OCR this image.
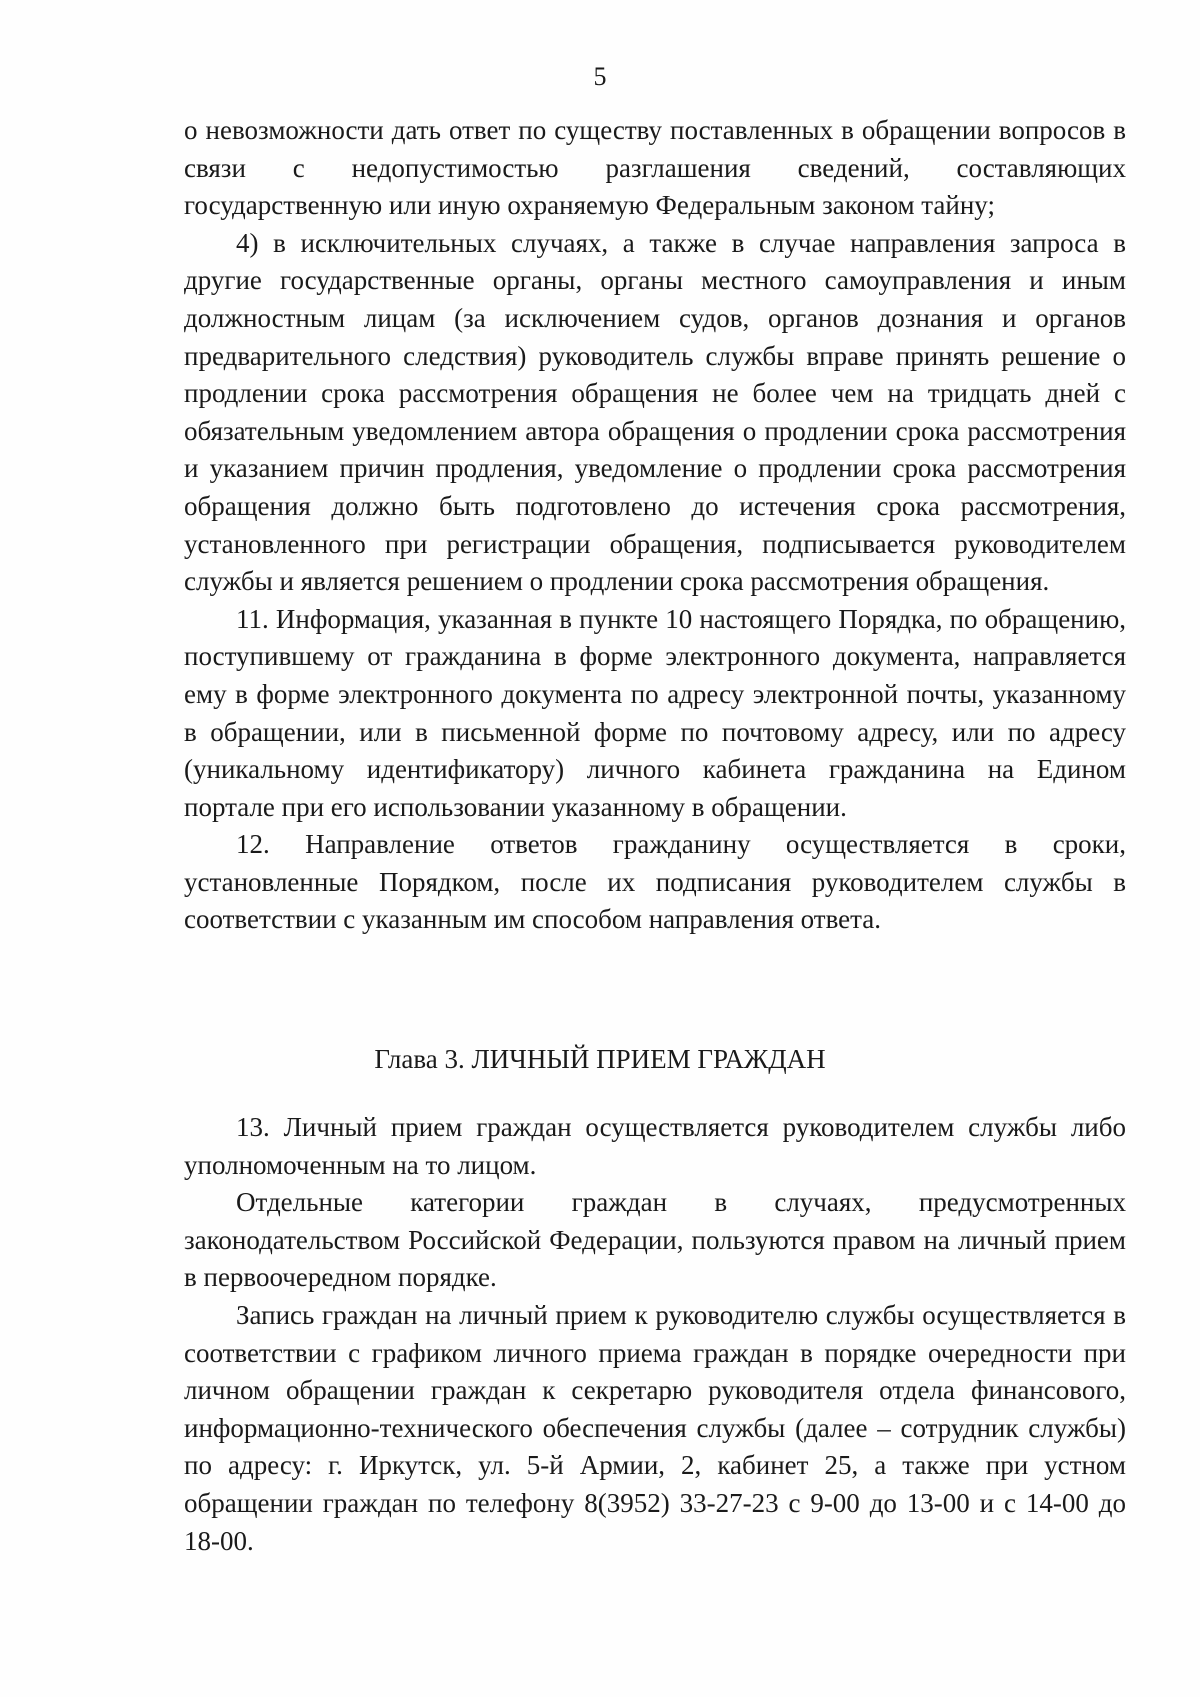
5

о невозможности дать ответ по существу поставленных в обращении вопросов в связи с недопустимостью разглашения сведений, составляющих государственную или иную охраняемую Федеральным законом тайну;

4) в исключительных случаях, а также в случае направления запроса в другие государственные органы, органы местного самоуправления и иным должностным лицам (за исключением судов, органов дознания и органов предварительного следствия) руководитель службы вправе принять решение о продлении срока рассмотрения обращения не более чем на тридцать дней с обязательным уведомлением автора обращения о продлении срока рассмотрения и указанием причин продления, уведомление о продлении срока рассмотрения обращения должно быть подготовлено до истечения срока рассмотрения, установленного при регистрации обращения, подписывается руководителем службы и является решением о продлении срока рассмотрения обращения.

11. Информация, указанная в пункте 10 настоящего Порядка, по обращению, поступившему от гражданина в форме электронного документа, направляется ему в форме электронного документа по адресу электронной почты, указанному в обращении, или в письменной форме по почтовому адресу, или по адресу (уникальному идентификатору) личного кабинета гражданина на Едином портале при его использовании указанному в обращении.

12. Направление ответов гражданину осуществляется в сроки, установленные Порядком, после их подписания руководителем службы в соответствии с указанным им способом направления ответа.

Глава 3. ЛИЧНЫЙ ПРИЕМ ГРАЖДАН

13. Личный прием граждан осуществляется руководителем службы либо уполномоченным на то лицом.

Отдельные категории граждан в случаях, предусмотренных законодательством Российской Федерации, пользуются правом на личный прием в первоочередном порядке.

Запись граждан на личный прием к руководителю службы осуществляется в соответствии с графиком личного приема граждан в порядке очередности при личном обращении граждан к секретарю руководителя отдела финансового, информационно-технического обеспечения службы (далее – сотрудник службы) по адресу: г. Иркутск, ул. 5-й Армии, 2, кабинет 25, а также при устном обращении граждан по телефону 8(3952) 33-27-23 с 9-00 до 13-00 и с 14-00 до 18-00.
